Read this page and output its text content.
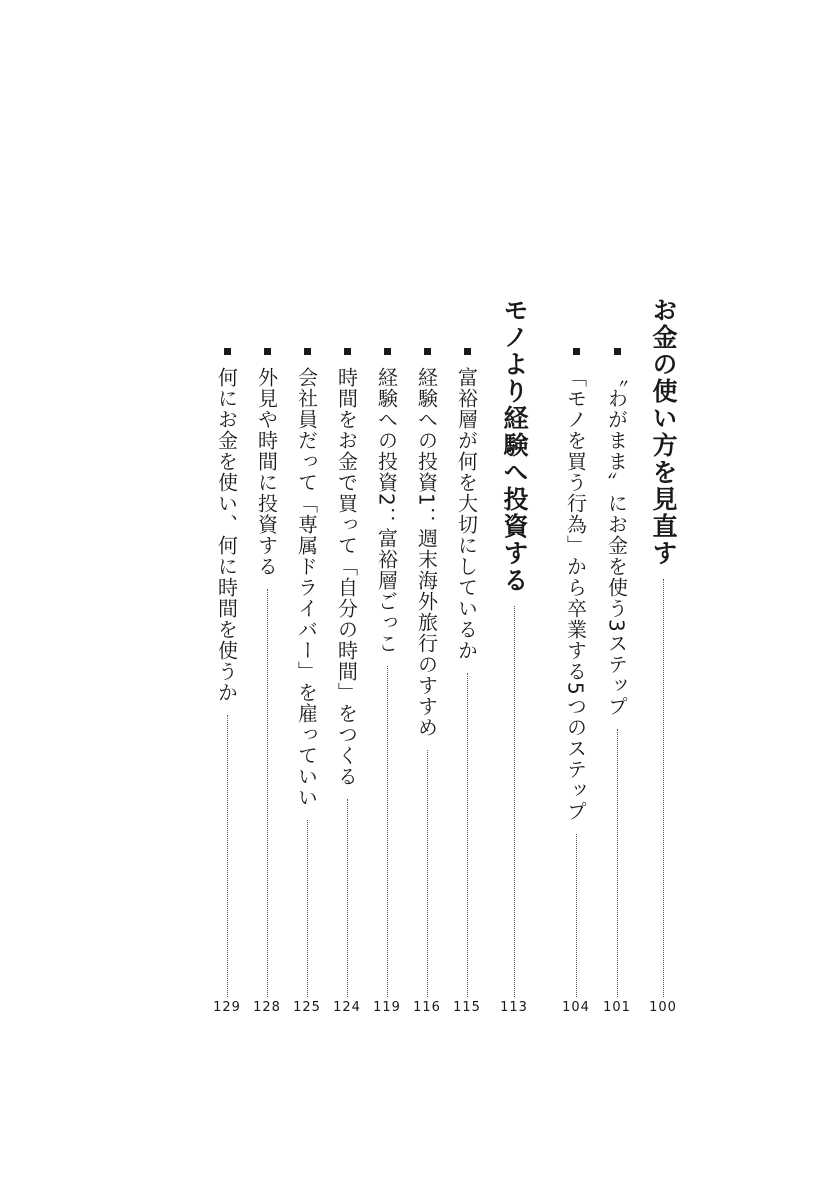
お金の使い方を見直す
100
〝わがまま〟にお金を使う3ステップ
101
「モノを買う行為」から卒業する5つのステップ
104
モノより経験へ投資する
113
富裕層が何を大切にしているか
115
経験への投資1：週末海外旅行のすすめ
116
経験への投資2：富裕層ごっこ
119
時間をお金で買って「自分の時間」をつくる
124
会社員だって「専属ドライバー」を雇っていい
125
外見や時間に投資する
128
何にお金を使い、何に時間を使うか
129
